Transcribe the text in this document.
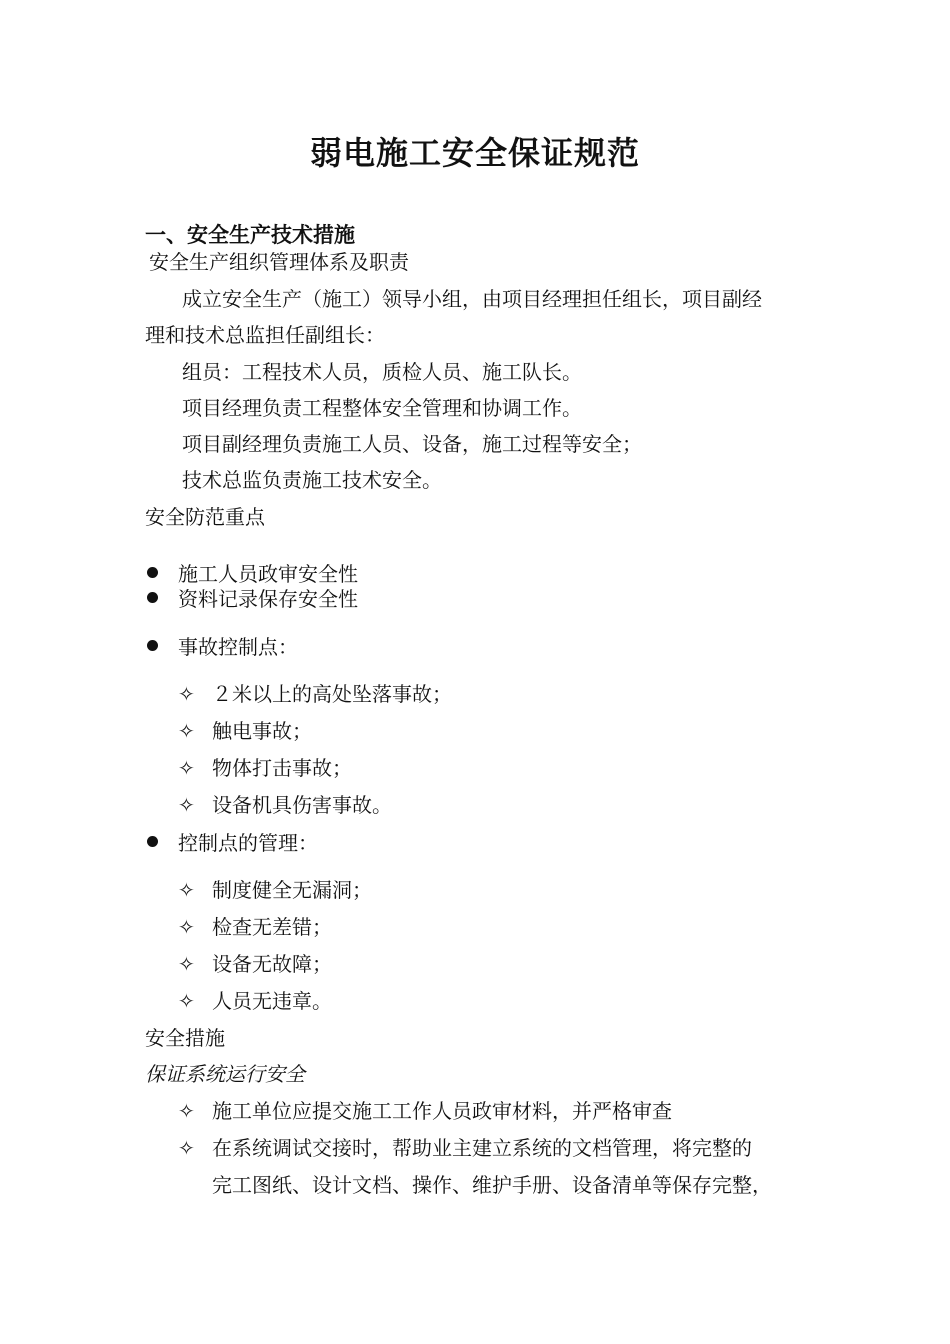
弱电施工安全保证规范
一、安全生产技术措施
安全生产组织管理体系及职责
成立安全生产（施工）领导小组，由项目经理担任组长，项目副经
理和技术总监担任副组长：
组员：工程技术人员，质检人员、施工队长。
项目经理负责工程整体安全管理和协调工作。
项目副经理负责施工人员、设备，施工过程等安全；
技术总监负责施工技术安全。
安全防范重点
施工人员政审安全性
资料记录保存安全性
事故控制点：
✧ ２米以上的高处坠落事故；
✧ 触电事故；
✧ 物体打击事故；
✧ 设备机具伤害事故。
控制点的管理：
✧ 制度健全无漏洞；
✧ 检查无差错；
✧ 设备无故障；
✧ 人员无违章。
安全措施
保证系统运行安全
✧ 施工单位应提交施工工作人员政审材料，并严格审查
✧ 在系统调试交接时，帮助业主建立系统的文档管理，将完整的
完工图纸、设计文档、操作、维护手册、设备清单等保存完整，
